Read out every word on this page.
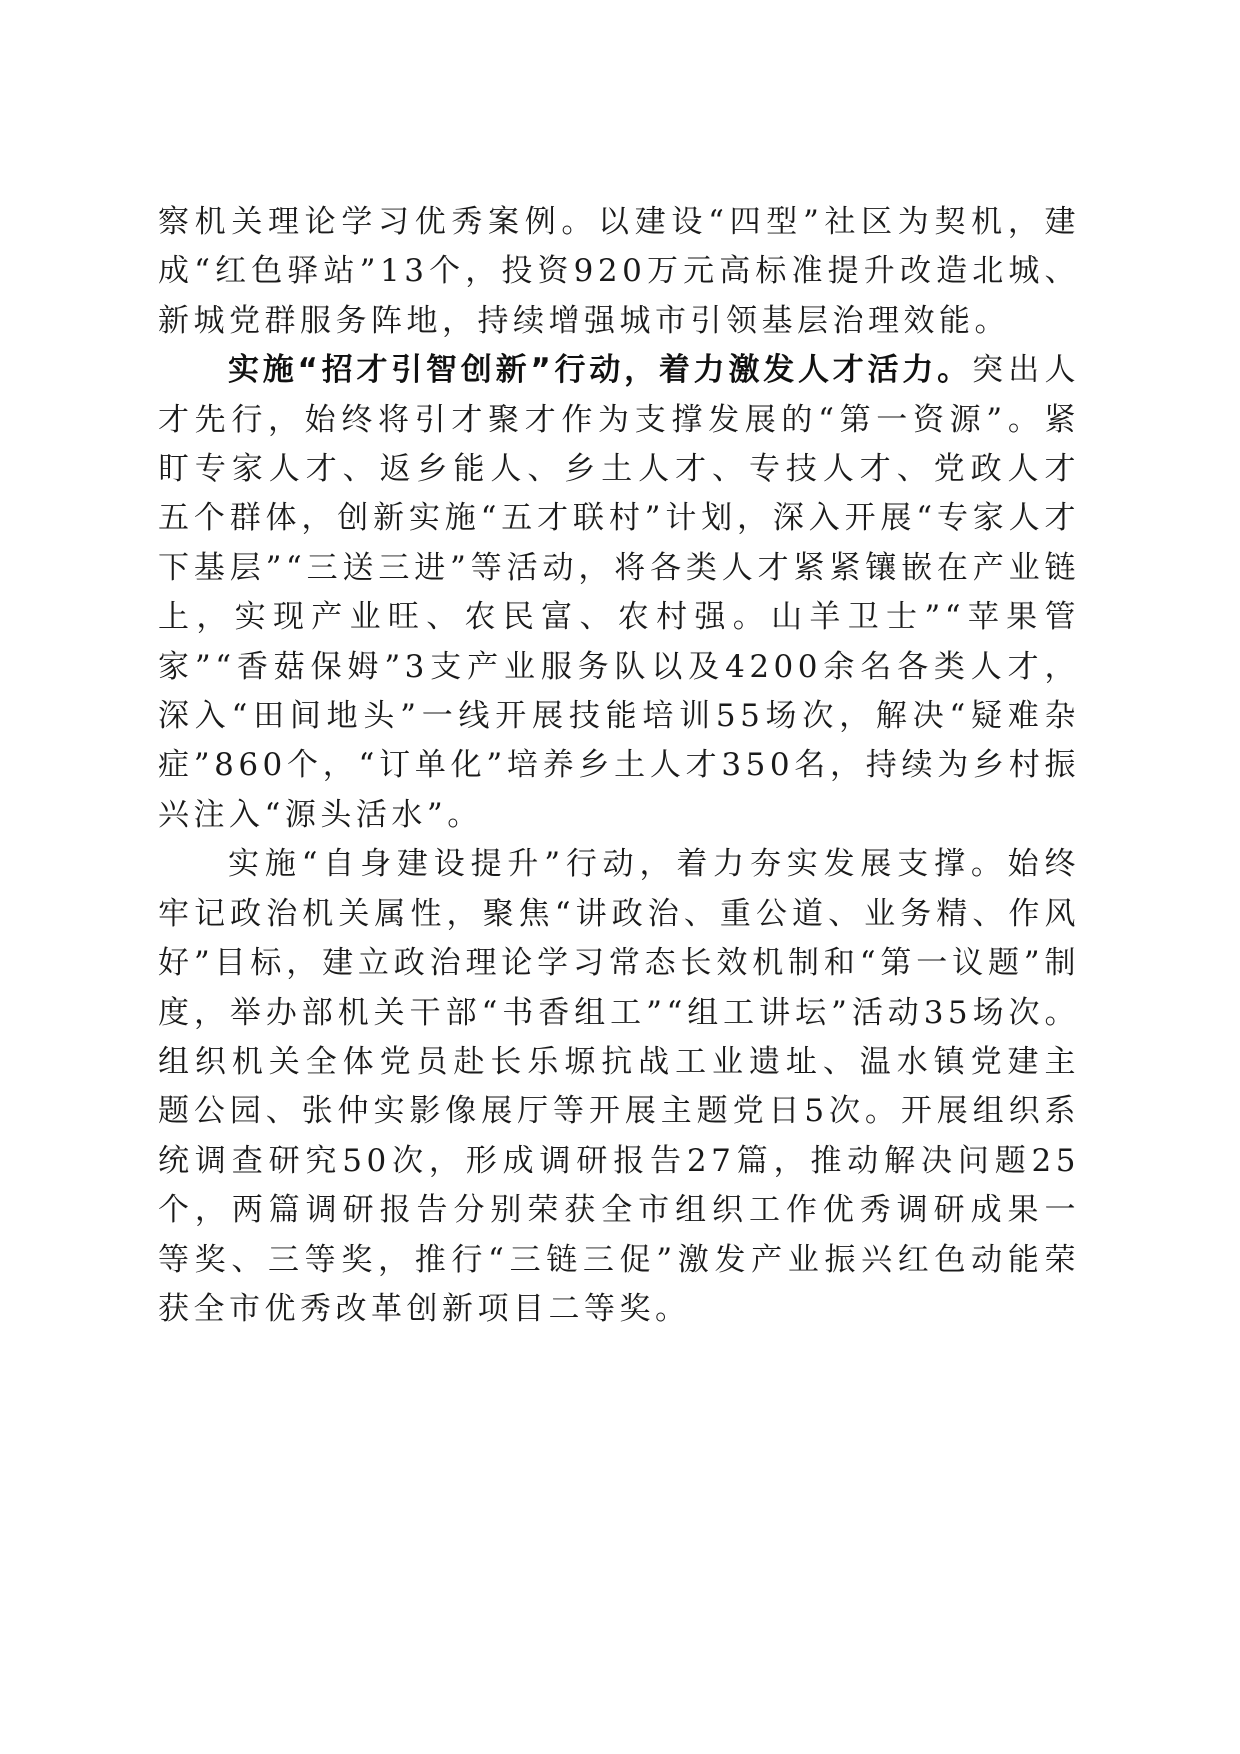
察机关理论学习优秀案例。以建设“四型”社区为契机，建成“红色驿站”13个，投资920万元高标准提升改造北城、新城党群服务阵地，持续增强城市引领基层治理效能。

实施“招才引智创新”行动，着力激发人才活力。突出人才先行，始终将引才聚才作为支撑发展的“第一资源”。紧盯专家人才、返乡能人、乡土人才、专技人才、党政人才五个群体，创新实施“五才联村”计划，深入开展“专家人才下基层”“三送三进”等活动，将各类人才紧紧镶嵌在产业链上，实现产业旺、农民富、农村强。山羊卫士”“苹果管家”“香菇保姆”3支产业服务队以及4200余名各类人才，深入“田间地头”一线开展技能培训55场次，解决“疑难杂症”860个，“订单化”培养乡土人才350名，持续为乡村振兴注入“源头活水”。

实施“自身建设提升”行动，着力夯实发展支撑。始终牢记政治机关属性，聚焦“讲政治、重公道、业务精、作风好”目标，建立政治理论学习常态长效机制和“第一议题”制度，举办部机关干部“书香组工”“组工讲坛”活动35场次。组织机关全体党员赴长乐塬抗战工业遗址、温水镇党建主题公园、张仲实影像展厅等开展主题党日5次。开展组织系统调查研究50次，形成调研报告27篇，推动解决问题25个，两篇调研报告分别荣获全市组织工作优秀调研成果一等奖、三等奖，推行“三链三促”激发产业振兴红色动能荣获全市优秀改革创新项目二等奖。
